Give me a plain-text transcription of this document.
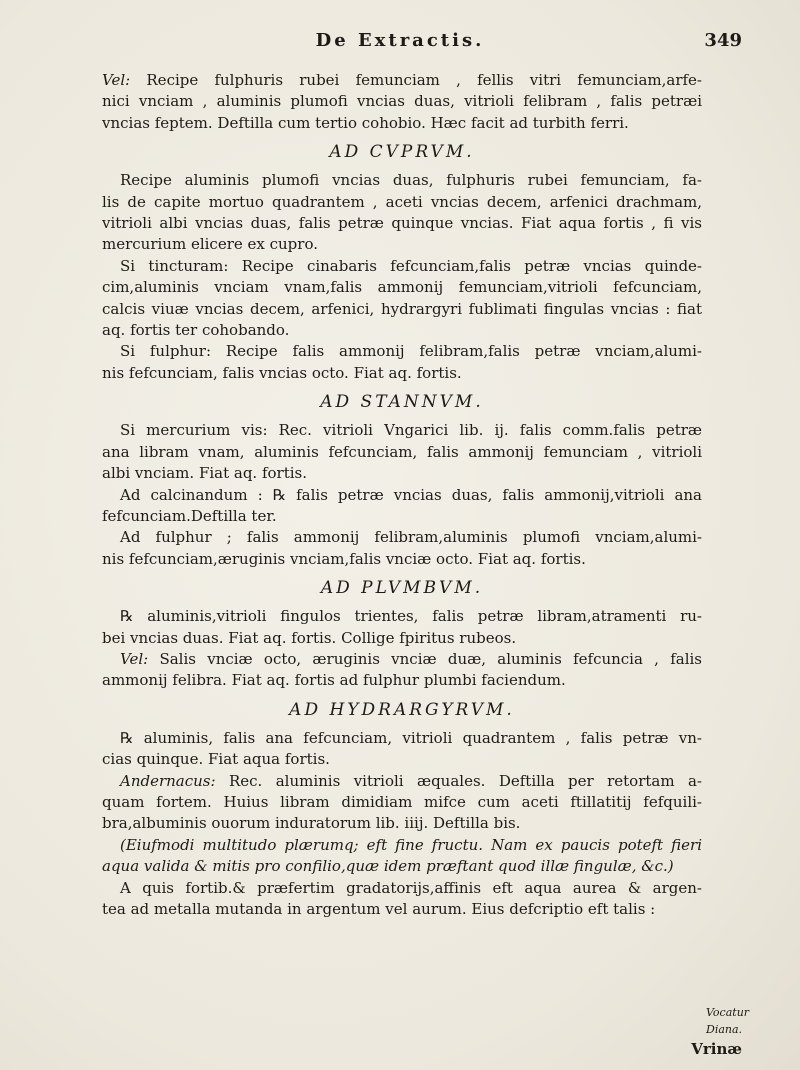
De Extractis.	349
Vel: Recipe fulphuris rubei femunciam , fellis vitri femunciam,arfe-
nici vnciam , aluminis plumofi vncias duas, vitrioli felibram , falis petræi
vncias feptem. Deftilla cum tertio cohobio. Hæc facit ad turbith ferri.
AD CVPRVM.
Recipe aluminis plumofi vncias duas, fulphuris rubei femunciam, fa-
lis de capite mortuo quadrantem , aceti vncias decem, arfenici drachmam,
vitrioli albi vncias duas, falis petræ quinque vncias. Fiat aqua fortis , fi vis
mercurium elicere ex cupro.
Si tincturam: Recipe cinabaris fefcunciam,falis petræ vncias quinde-
cim,aluminis vnciam vnam,falis ammonij femunciam,vitrioli fefcunciam,
calcis viuæ vncias decem, arfenici, hydrargyri fublimati fingulas vncias : fiat
aq. fortis ter cohobando.
Si fulphur: Recipe falis ammonij felibram,falis petræ vnciam,alumi-
nis fefcunciam, falis vncias octo. Fiat aq. fortis.
AD STANNVM.
Si mercurium vis: Rec. vitrioli Vngarici lib. ij. falis comm.falis petræ
ana libram vnam, aluminis fefcunciam, falis ammonij femunciam , vitrioli
albi vnciam. Fiat aq. fortis.
Ad calcinandum : ℞ falis petræ vncias duas, falis ammonij,vitrioli ana
fefcunciam.Deftilla ter.
Ad fulphur ; falis ammonij felibram,aluminis plumofi vnciam,alumi-
nis fefcunciam,æruginis vnciam,falis vnciæ octo. Fiat aq. fortis.
AD PLVMBVM.
℞ aluminis,vitrioli fingulos trientes, falis petræ libram,atramenti ru-
bei vncias duas. Fiat aq. fortis. Collige fpiritus rubeos.
Vel: Salis vnciæ octo, æruginis vnciæ duæ, aluminis fefcuncia , falis
ammonij felibra. Fiat aq. fortis ad fulphur plumbi faciendum.
AD HYDRARGYRVM.
℞ aluminis, falis ana fefcunciam, vitrioli quadrantem , falis petræ vn-
cias quinque. Fiat aqua fortis.
Andernacus: Rec. aluminis vitrioli æquales. Deftilla per retortam a-
quam fortem. Huius libram dimidiam mifce cum aceti ftillatitij fefquili-
bra,albuminis ouorum induratorum lib. iiij. Deftilla bis.
(Eiufmodi multitudo plærumq; eft fine fructu. Nam ex paucis poteft fieri
aqua valida & mitis pro confilio,quæ idem præftant quod illæ fingulæ, &c.)
A quis fortib.& præfertim gradatorijs,affinis eft aqua aurea & argen-
tea ad metalla mutanda in argentum vel aurum. Eius defcriptio eft talis :
Vocatur
Diana.
Vrinæ
